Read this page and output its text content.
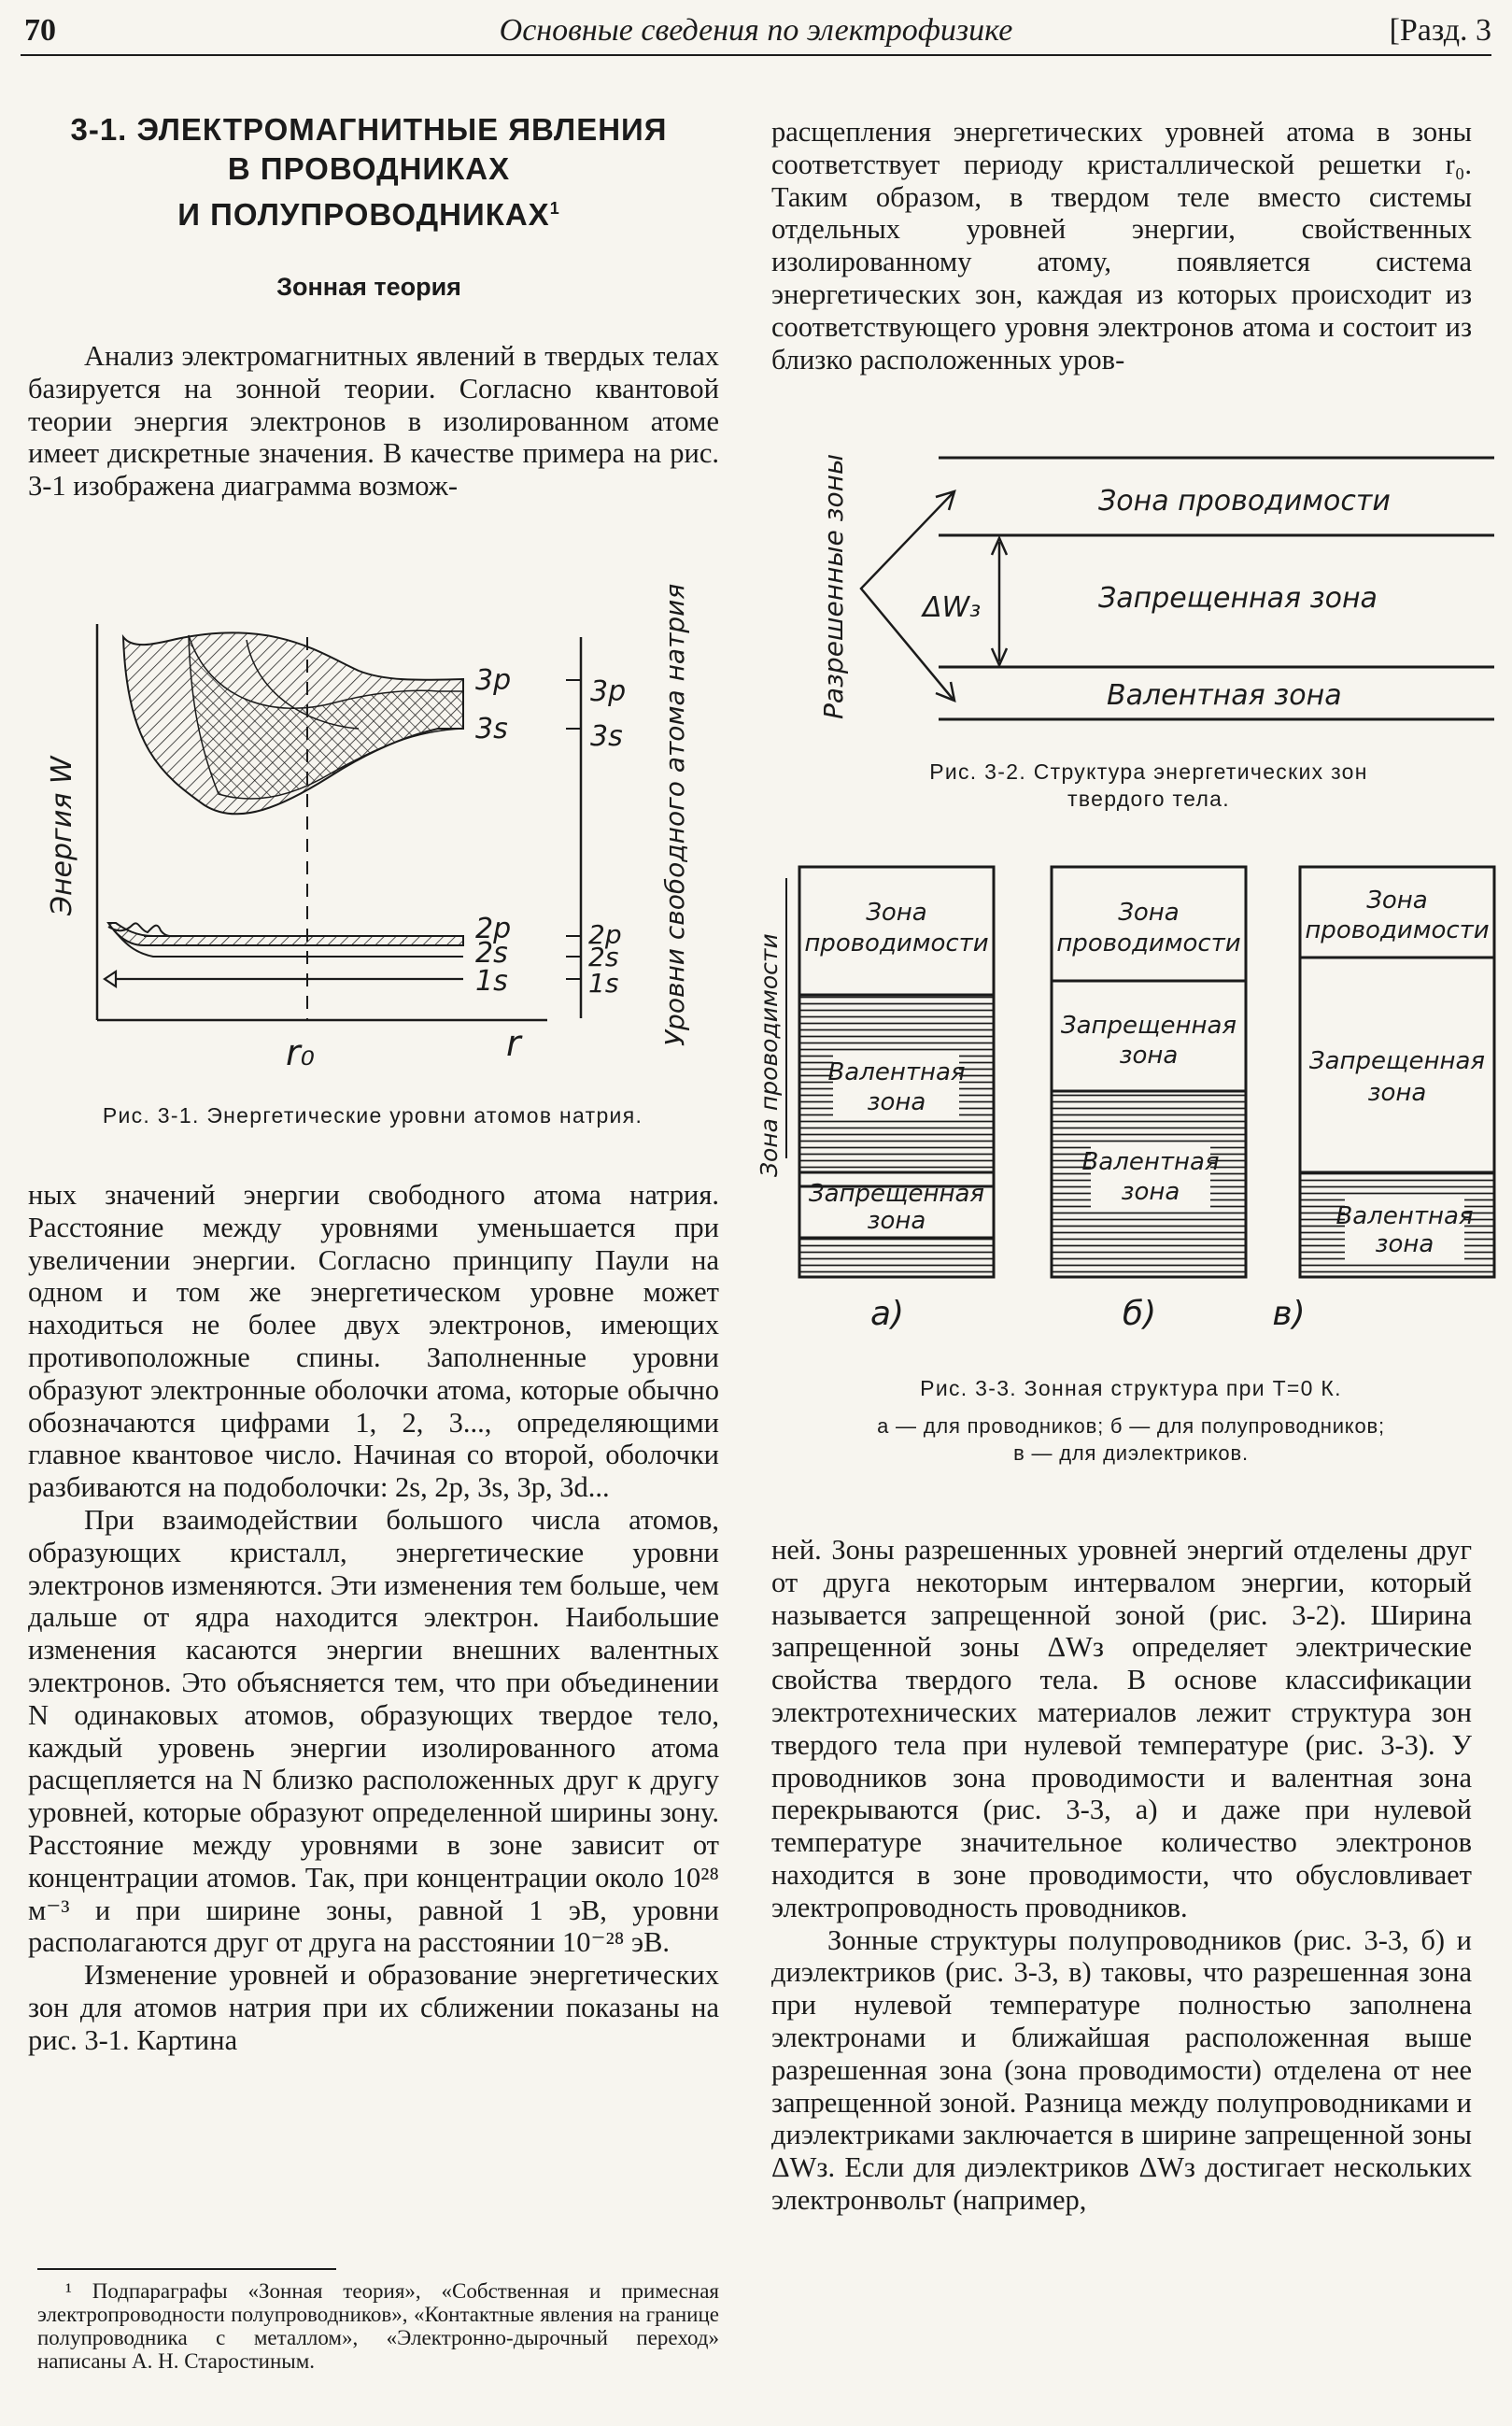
70	Основные сведения по электрофизике	[Разд. 3
3-1. ЭЛЕКТРОМАГНИТНЫЕ ЯВЛЕНИЯ
В ПРОВОДНИКАХ
И ПОЛУПРОВОДНИКАХ$^1$
Зонная теория

Анализ электромагнитных явлений в твердых телах базируется на зонной теории. Согласно квантовой теории энергия электронов в изолированном атоме имеет дискретные значения. В качестве примера на рис. 3-1 изображена диаграмма возмож-

3p
3s
3p
3s
2p
2s
1s
2p
2s
1s
Энергия W	Уровни свободного атома натрия
r₀	r
Рис. 3-1. Энергетические уровни атомов натрия.

ных значений энергии свободного атома натрия. Расстояние между уровнями уменьшается при увеличении энергии. Согласно принципу Паули на одном и том же энергетическом уровне может находиться не более двух электронов, имеющих противоположные спины. Заполненные уровни образуют электронные оболочки атома, которые обычно обозначаются цифрами 1, 2, 3..., определяющими главное квантовое число. Начиная со второй, оболочки разбиваются на подоболочки: 2s, 2p, 3s, 3p, 3d...

При взаимодействии большого числа атомов, образующих кристалл, энергетические уровни электронов изменяются. Эти изменения тем больше, чем дальше от ядра находится электрон. Наибольшие изменения касаются энергии внешних валентных электронов. Это объясняется тем, что при объединении N одинаковых атомов, образующих твердое тело, каждый уровень энергии изолированного атома расщепляется на N близко расположенных друг к другу уровней, которые образуют определенной ширины зону. Расстояние между уровнями в зоне зависит от концентрации атомов. Так, при концентрации около 10²⁸ м⁻³ и при ширине зоны, равной 1 эВ, уровни располагаются друг от друга на расстоянии 10⁻²⁸ эВ.

Изменение уровней и образование энергетических зон для атомов натрия при их сближении показаны на рис. 3-1. Картина

¹ Подпараграфы «Зонная теория», «Собственная и примесная электропроводности полупроводников», «Контактные явления на границе полупроводника с металлом», «Электронно-дырочный переход» написаны А. Н. Старостиным.

расщепления энергетических уровней атома в зоны соответствует периоду кристаллической решетки r₀. Таким образом, в твердом теле вместо системы отдельных уровней энергии, свойственных изолированному атому, появляется система энергетических зон, каждая из которых происходит из соответствующего уровня электронов атома и состоит из близко расположенных уров-

ΔW₃
Разрешенные зоны	Зона проводимости
Запрещенная зона
Валентная зона
Рис. 3-2. Структура энергетических зон
твердого тела.
Зона проводимости
Зона
проводимости
Валентная
зона
Запрещенная
зона
а)
Зона
проводимости
Запрещенная
зона
Валентная
зона
б)
Зона
проводимости
Запрещенная
зона
Валентная
зона
в)
Рис. 3-3. Зонная структура при T=0 К.
а — для проводников; б — для полупроводников;
в — для диэлектриков.

ней. Зоны разрешенных уровней энергий отделены друг от друга некоторым интервалом энергии, который называется запрещенной зоной (рис. 3-2). Ширина запрещенной зоны ΔWз определяет электрические свойства твердого тела. В основе классификации электротехнических материалов лежит структура зон твердого тела при нулевой температуре (рис. 3-3). У проводников зона проводимости и валентная зона перекрываются (рис. 3-3, а) и даже при нулевой температуре значительное количество электронов находится в зоне проводимости, что обусловливает электропроводность проводников.

Зонные структуры полупроводников (рис. 3-3, б) и диэлектриков (рис. 3-3, в) таковы, что разрешенная зона при нулевой температуре полностью заполнена электронами и ближайшая расположенная выше разрешенная зона (зона проводимости) отделена от нее запрещенной зоной. Разница между полупроводниками и диэлектриками заключается в ширине запрещенной зоны ΔWз. Если для диэлектриков ΔWз достигает нескольких электронвольт (например,
